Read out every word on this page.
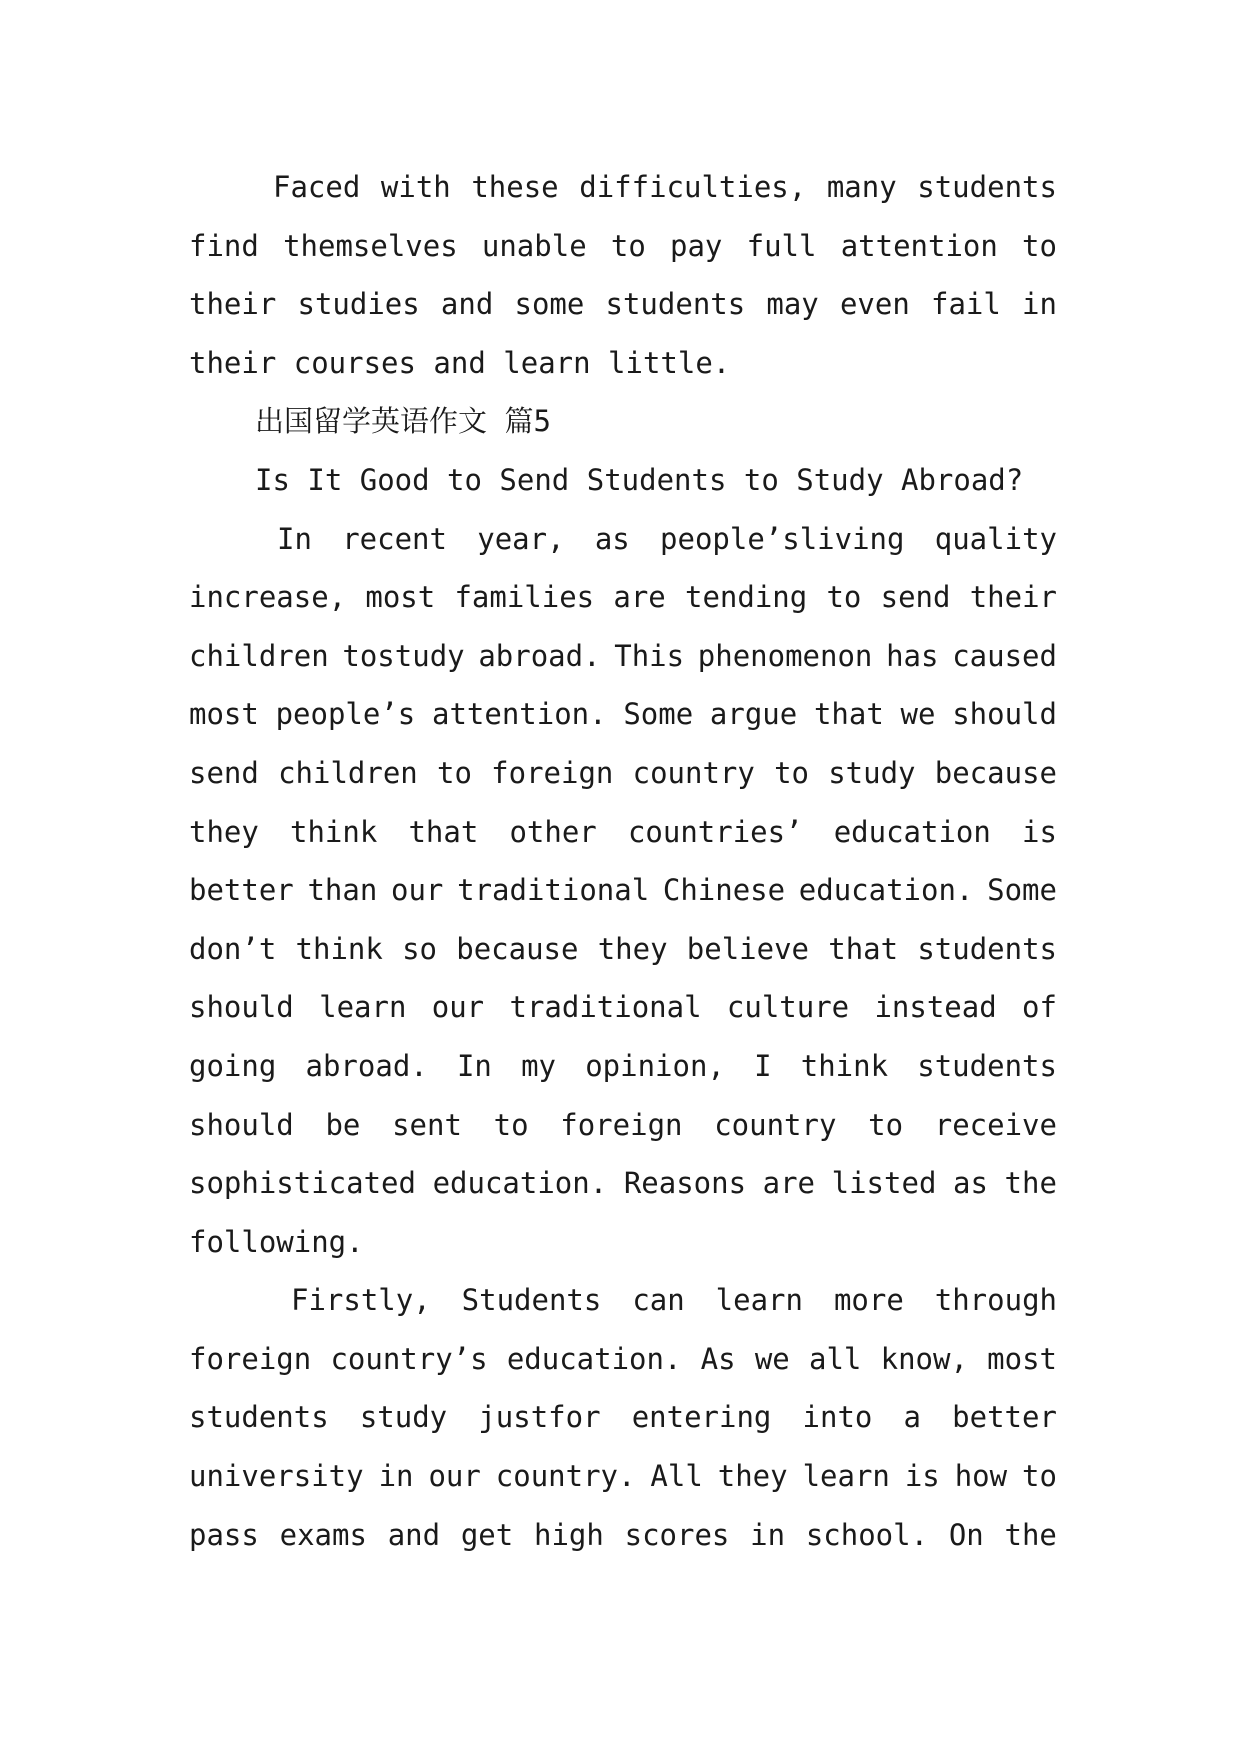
Faced with these difficulties, many students
find themselves unable to pay full attention to
their studies and some students may even fail in
their courses and learn little.
出国留学英语作文 篇5
Is It Good to Send Students to Study Abroad?
In recent year, as people’sliving quality
increase, most families are tending to send their
children tostudy abroad. This phenomenon has caused
most people’s attention. Some argue that we should
send children to foreign country to study because
they think that other countries’ education is
better than our traditional Chinese education. Some
don’t think so because they believe that students
should learn our traditional culture instead of
going abroad. In my opinion, I think students
should be sent to foreign country to receive
sophisticated education. Reasons are listed as the
following.
Firstly, Students can learn more through
foreign country’s education. As we all know, most
students study justfor entering into a better
university in our country. All they learn is how to
pass exams and get high scores in school. On the
